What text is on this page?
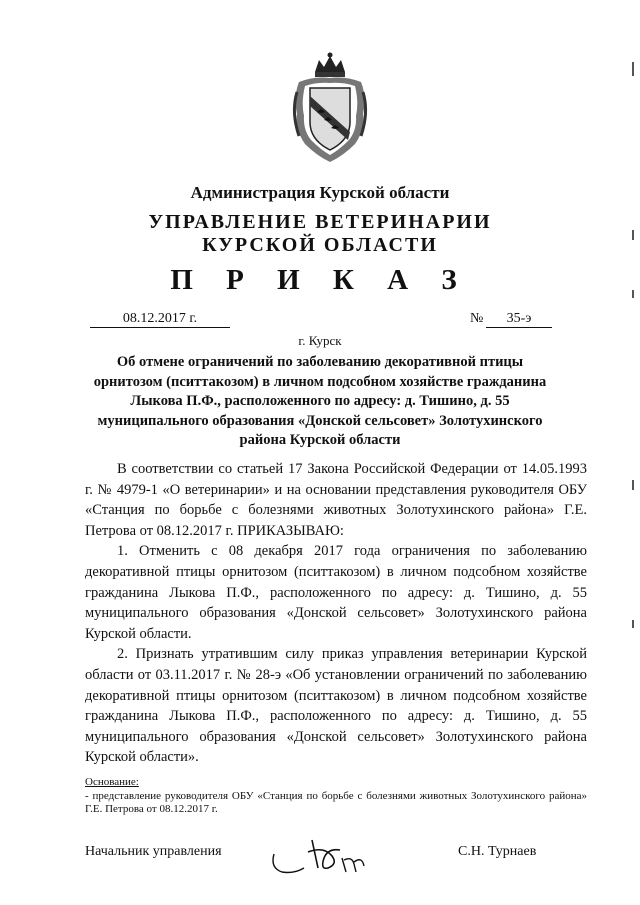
Администрация Курской области
УПРАВЛЕНИЕ ВЕТЕРИНАРИИ
КУРСКОЙ ОБЛАСТИ
П Р И К А З
08.12.2017 г.	№	35-э
г. Курск
Об отмене ограничений по заболеванию декоративной птицы орнитозом (пситтакозом) в личном подсобном хозяйстве гражданина Лыкова П.Ф., расположенного по адресу: д. Тишино, д. 55 муниципального образования «Донской сельсовет» Золотухинского района Курской области

В соответствии со статьей 17 Закона Российской Федерации от 14.05.1993 г. № 4979-1 «О ветеринарии» и на основании представления руководителя ОБУ «Станция по борьбе с болезнями животных Золотухинского района» Г.Е. Петрова от 08.12.2017 г. ПРИКАЗЫВАЮ:

1. Отменить с 08 декабря 2017 года ограничения по заболеванию декоративной птицы орнитозом (пситтакозом) в личном подсобном хозяйстве гражданина Лыкова П.Ф., расположенного по адресу: д. Тишино, д. 55 муниципального образования «Донской сельсовет» Золотухинского района Курской области.

2. Признать утратившим силу приказ управления ветеринарии Курской области от 03.11.2017 г. № 28-э «Об установлении ограничений по заболеванию декоративной птицы орнитозом (пситтакозом) в личном подсобном хозяйстве гражданина Лыкова П.Ф., расположенного по адресу: д. Тишино, д. 55 муниципального образования «Донской сельсовет» Золотухинского района Курской области».

Основание:
- представление руководителя ОБУ «Станция по борьбе с болезнями животных Золотухинского района» Г.Е. Петрова от 08.12.2017 г.
Начальник управления	С.Н. Турнаев
